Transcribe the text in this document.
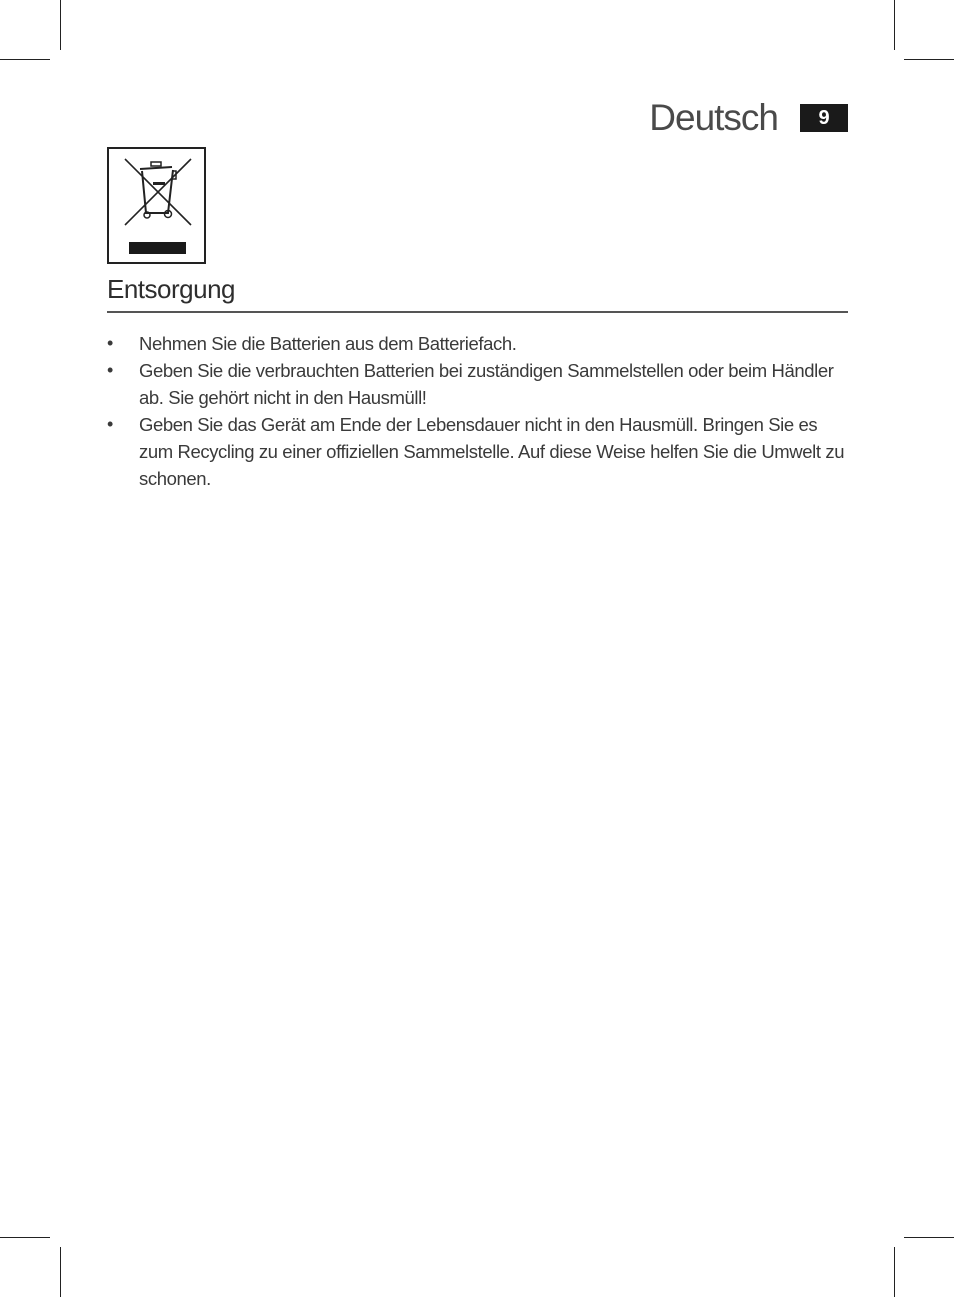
Deutsch	9
Entsorgung
• Nehmen Sie die Batterien aus dem Batteriefach.
• Geben Sie die verbrauchten Batterien bei zuständigen Sammelstellen oder beim Händler ab. Sie gehört nicht in den Hausmüll!
• Geben Sie das Gerät am Ende der Lebensdauer nicht in den Hausmüll. Bringen Sie es zum Recycling zu einer offiziellen Sammelstelle. Auf diese Weise helfen Sie die Umwelt zu schonen.
